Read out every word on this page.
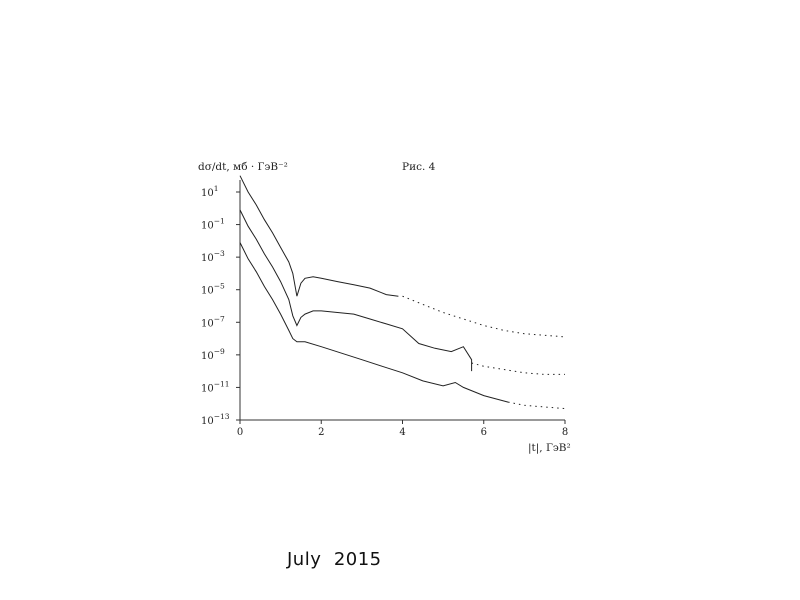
0	2	4	6	8
$10^1$
$10^{-1}$
$10^{-3}$
$10^{-5}$
$10^{-7}$
$10^{-9}$
$10^{-11}$
$10^{-13}$
dσ/dt, мб · ГэВ⁻²	Рис. 4
|t|, ГэВ²
July  2015
